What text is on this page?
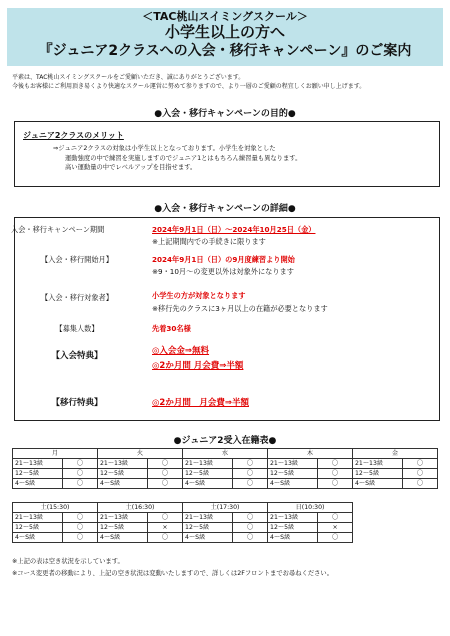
＜TAC桃山スイミングスクール＞
小学生以上の方へ
『ジュニア2クラスへの入会・移行キャンペーン』のご案内
平素は、TAC桃山スイミングスクールをご愛顧いただき、誠にありがとうございます。
今後もお客様にご利用頂き易くより快適なスクール運営に努めて参りますので、より一層のご愛顧の程宜しくお願い申し上げます。
●入会・移行キャンペーンの目的●
ジュニア2クラスのメリット
⇒ジュニア2クラスの対象は小学生以上となっております。小学生を対象とした
運動強度の中で練習を実施しますのでジュニア1とはもちろん練習量も異なります。
高い運動量の中でレベルアップを目指せます。
●入会・移行キャンペーンの詳細●
入会・移行キャンペーン期間	2024年9月1日（日）～2024年10月25日（金）
※上記期間内での手続きに限ります
【入会・移行開始月】	2024年9月1日（日）の9月度練習より開始
※9・10月～の変更以外は対象外になります
【入会・移行対象者】	小学生の方が対象となります
※移行先のクラスに3ヶ月以上の在籍が必要となります
【募集人数】	先着30名様
【入会特典】	◎入会金⇒無料
◎2か月間 月会費⇒半額
【移行特典】	◎2か月間　月会費⇒半額
●ジュニア2受入在籍表●
月		火		水		木		金	
21～13級	〇	21～13級	〇	21～13級	〇	21～13級	〇	21～13級	〇
12～5級	〇	12～5級	〇	12～5級	〇	12～5級	〇	12～5級	〇
4～S級	〇	4～S級	〇	4～S級	〇	4～S級	〇	4～S級	〇
土(15:30)		土(16:30)		土(17:30)		日(10:30)	
21～13級	〇	21～13級	〇	21～13級	〇	21～13級	〇
12～5級	〇	12～5級	×	12～5級	〇	12～5級	×
4～S級	〇	4～S級	〇	4～S級	〇	4～S級	〇
※上記の表は空き状況を示しています。
※コース変更者の移動により、上記の空き状況は変動いたしますので、詳しくは2Fフロントまでお尋ねください。
